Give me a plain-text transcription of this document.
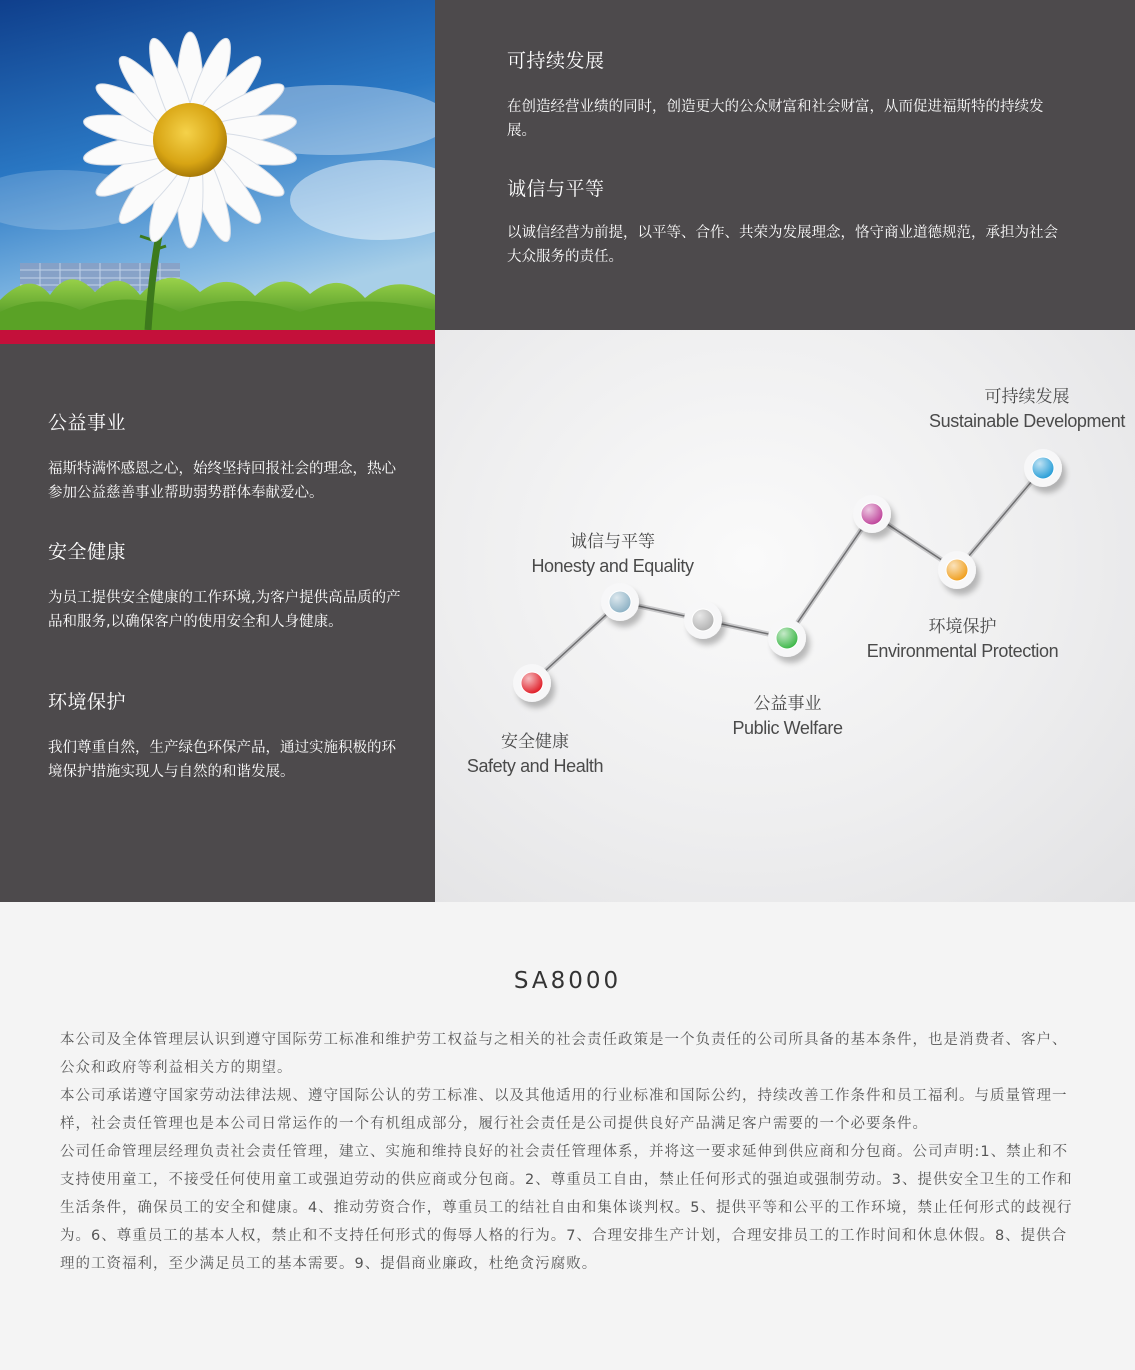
可持续发展

在创造经营业绩的同时，创造更大的公众财富和社会财富，从而促进福斯特的持续发展。

诚信与平等

以诚信经营为前提，以平等、合作、共荣为发展理念，恪守商业道德规范，承担为社会大众服务的责任。

公益事业

福斯特满怀感恩之心，始终坚持回报社会的理念，热心参加公益慈善事业帮助弱势群体奉献爱心。

安全健康

为员工提供安全健康的工作环境,为客户提供高品质的产品和服务,以确保客户的使用安全和人身健康。

环境保护

我们尊重自然，生产绿色环保产品，通过实施积极的环境保护措施实现人与自然的和谐发展。

安全健康
Safety and Health
诚信与平等
Honesty and Equality
公益事业
Public Welfare
环境保护
Environmental Protection
可持续发展
Sustainable Development
SA8000

本公司及全体管理层认识到遵守国际劳工标准和维护劳工权益与之相关的社会责任政策是一个负责任的公司所具备的基本条件，也是消费者、客户、公众和政府等利益相关方的期望。

本公司承诺遵守国家劳动法律法规、遵守国际公认的劳工标准、以及其他适用的行业标准和国际公约，持续改善工作条件和员工福利。与质量管理一样，社会责任管理也是本公司日常运作的一个有机组成部分，履行社会责任是公司提供良好产品满足客户需要的一个必要条件。

公司任命管理层经理负责社会责任管理，建立、实施和维持良好的社会责任管理体系，并将这一要求延伸到供应商和分包商。公司声明:1、禁止和不支持使用童工，不接受任何使用童工或强迫劳动的供应商或分包商。2、尊重员工自由，禁止任何形式的强迫或强制劳动。3、提供安全卫生的工作和生活条件，确保员工的安全和健康。4、推动劳资合作，尊重员工的结社自由和集体谈判权。5、提供平等和公平的工作环境，禁止任何形式的歧视行为。6、尊重员工的基本人权，禁止和不支持任何形式的侮辱人格的行为。7、合理安排生产计划，合理安排员工的工作时间和休息休假。8、提供合理的工资福利，至少满足员工的基本需要。9、提倡商业廉政，杜绝贪污腐败。
